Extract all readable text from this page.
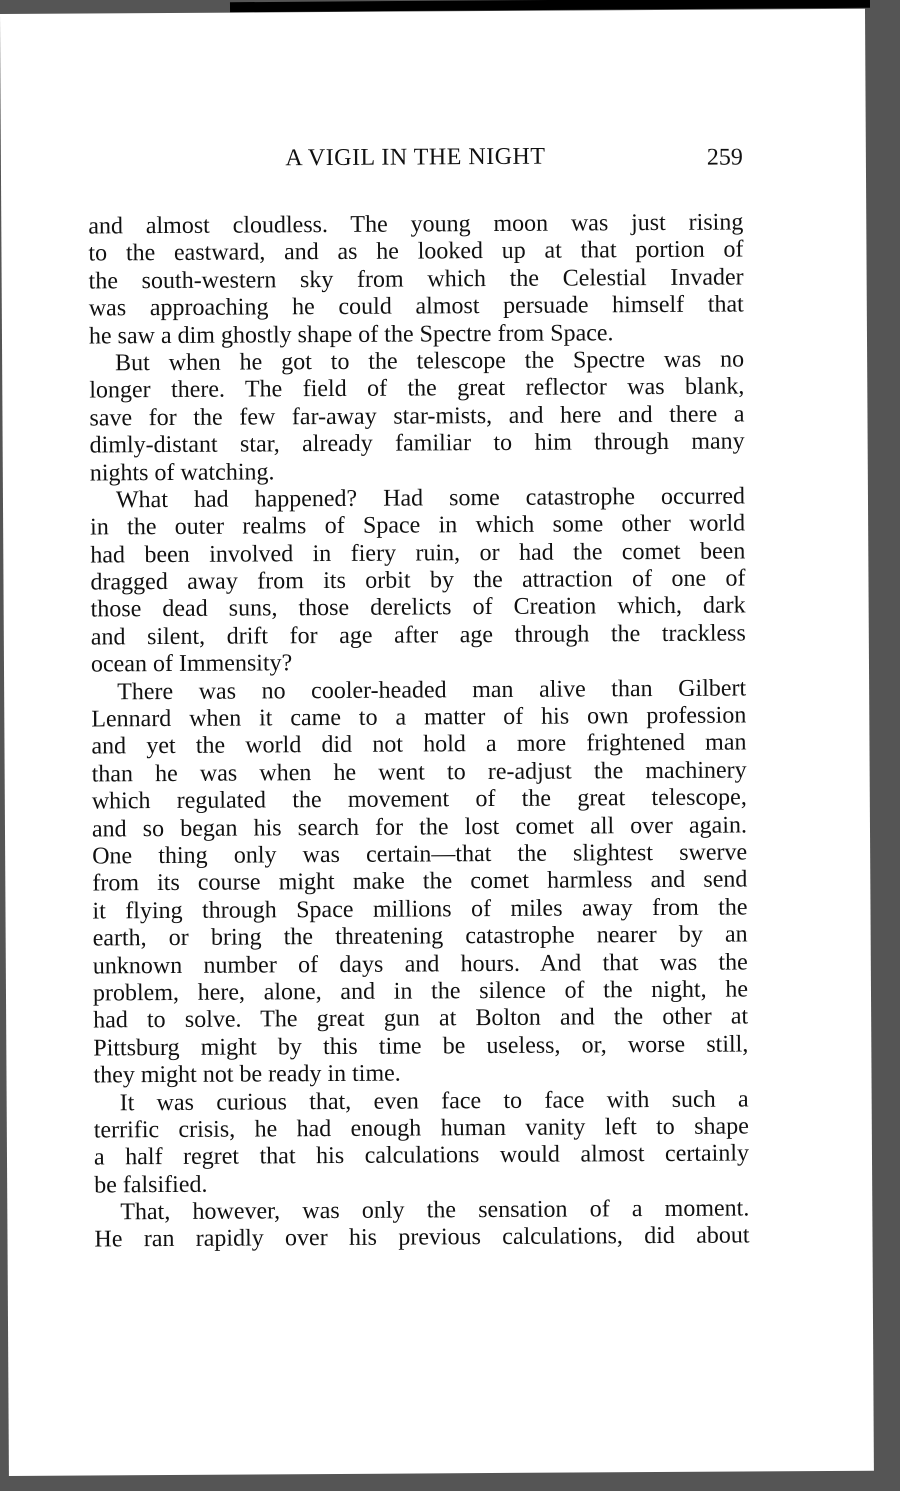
A VIGIL IN THE NIGHT	259
and almost cloudless. The young moon was just rising
to the eastward, and as he looked up at that portion of
the south-western sky from which the Celestial Invader
was approaching he could almost persuade himself that
he saw a dim ghostly shape of the Spectre from Space.
But when he got to the telescope the Spectre was no
longer there. The field of the great reflector was blank,
save for the few far-away star-mists, and here and there a
dimly-distant star, already familiar to him through many
nights of watching.
What had happened? Had some catastrophe occurred
in the outer realms of Space in which some other world
had been involved in fiery ruin, or had the comet been
dragged away from its orbit by the attraction of one of
those dead suns, those derelicts of Creation which, dark
and silent, drift for age after age through the trackless
ocean of Immensity?
There was no cooler-headed man alive than Gilbert
Lennard when it came to a matter of his own profession
and yet the world did not hold a more frightened man
than he was when he went to re-adjust the machinery
which regulated the movement of the great telescope,
and so began his search for the lost comet all over again.
One thing only was certain—that the slightest swerve
from its course might make the comet harmless and send
it flying through Space millions of miles away from the
earth, or bring the threatening catastrophe nearer by an
unknown number of days and hours. And that was the
problem, here, alone, and in the silence of the night, he
had to solve. The great gun at Bolton and the other at
Pittsburg might by this time be useless, or, worse still,
they might not be ready in time.
It was curious that, even face to face with such a
terrific crisis, he had enough human vanity left to shape
a half regret that his calculations would almost certainly
be falsified.
That, however, was only the sensation of a moment.
He ran rapidly over his previous calculations, did about
